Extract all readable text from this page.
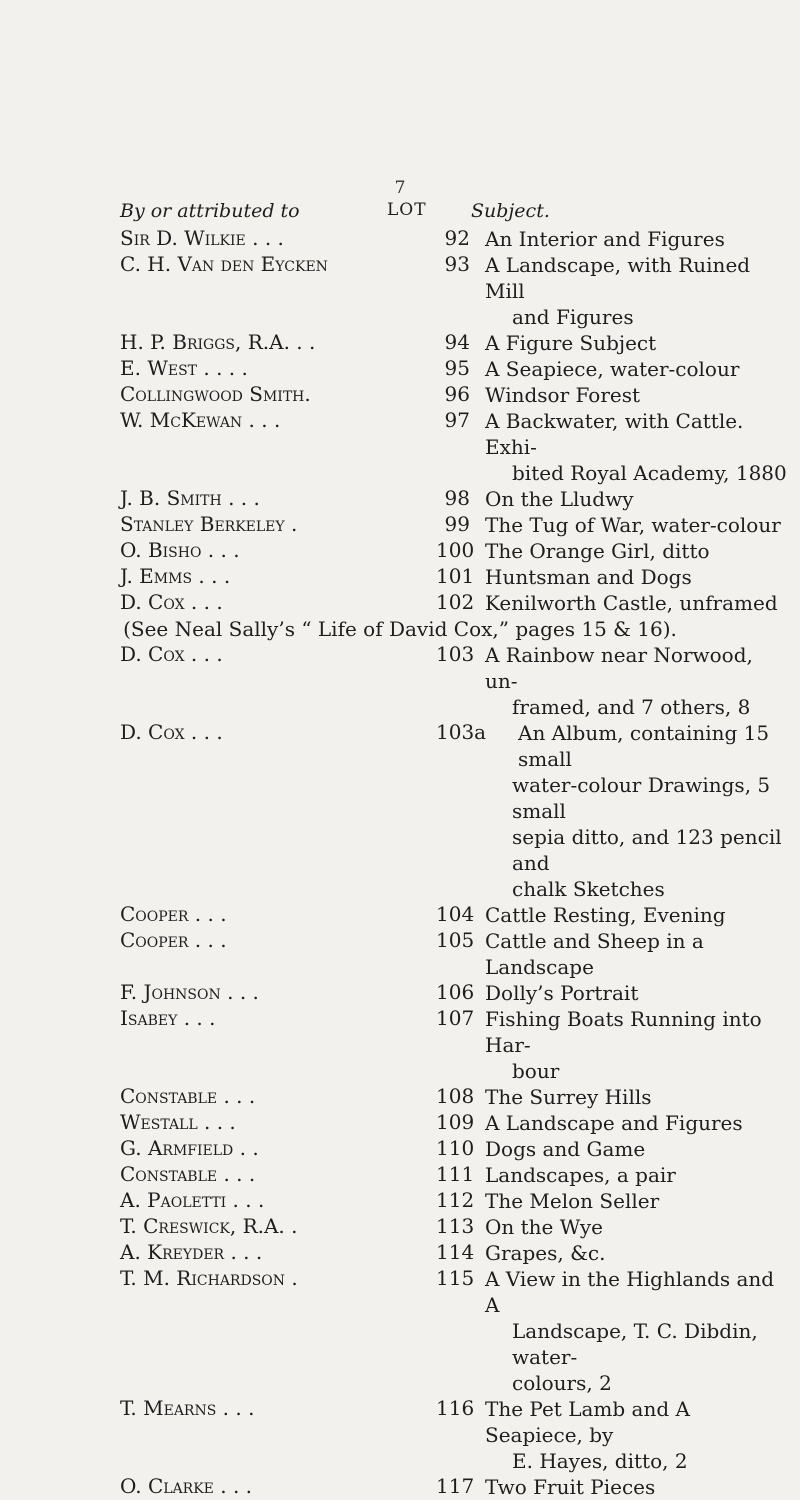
7
By or attributed to	LOT Subject.
Sir D. Wilkie . . .	92 An Interior and Figures
C. H. Van den Eycken	93 A Landscape, with Ruined Mill
and Figures
H. P. Briggs, R.A. . .	94 A Figure Subject
E. West . . . .	95 A Seapiece, water-colour
Collingwood Smith.	96 Windsor Forest
W. McKewan . . .	97 A Backwater, with Cattle. Exhi-
bited Royal Academy, 1880
J. B. Smith . . .	98 On the Lludwy
Stanley Berkeley .	99 The Tug of War, water-colour
O. Bisho . . .	100 The Orange Girl, ditto
J. Emms . . .	101 Huntsman and Dogs
D. Cox . . .	102 Kenilworth Castle, unframed
(See Neal Sally’s “ Life of David Cox,” pages 15 & 16).
D. Cox . . .	103 A Rainbow near Norwood, un-
framed, and 7 others, 8
D. Cox . . .	103a	An Album, containing 15 small
water-colour Drawings, 5 small
sepia ditto, and 123 pencil and
chalk Sketches
Cooper . . .	104 Cattle Resting, Evening
Cooper . . .	105 Cattle and Sheep in a Landscape
F. Johnson . . .	106 Dolly’s Portrait
Isabey . . .	107 Fishing Boats Running into Har-
bour
Constable . . .	108 The Surrey Hills
Westall . . .	109 A Landscape and Figures
G. Armfield . .	110 Dogs and Game
Constable . . .	111 Landscapes, a pair
A. Paoletti . . .	112 The Melon Seller
T. Creswick, R.A. .	113 On the Wye
A. Kreyder . . .	114 Grapes, &c.
T. M. Richardson .	115 A View in the Highlands and A
Landscape, T. C. Dibdin, water-
colours, 2
T. Mearns . . .	116 The Pet Lamb and A Seapiece, by
E. Hayes, ditto, 2
O. Clarke . . .	117 Two Fruit Pieces
